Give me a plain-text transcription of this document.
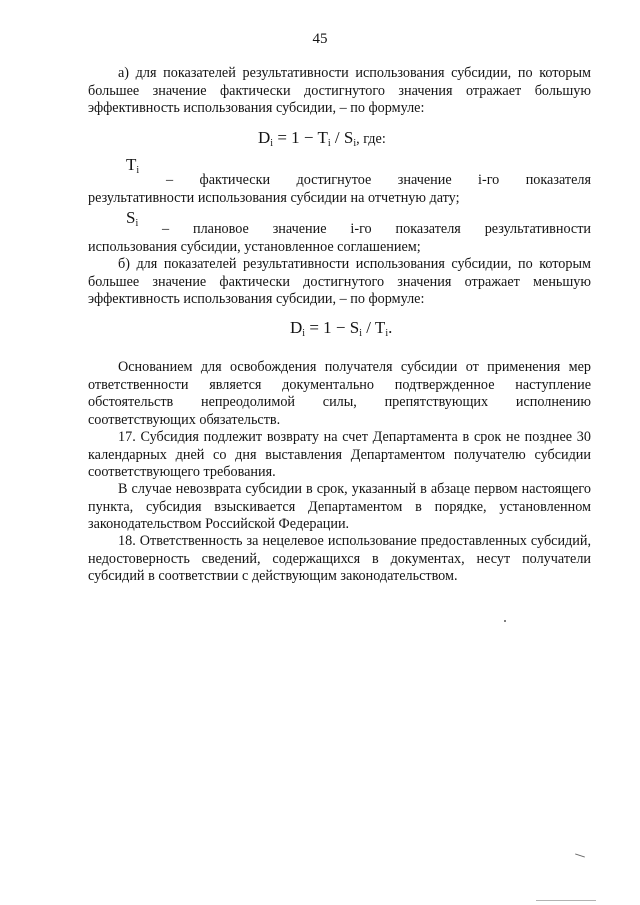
45

а) для показателей результативности использования субсидии, по которым большее значение фактически достигнутого значения отражает большую эффективность использования субсидии, – по формуле:

$D_i = 1 - T_i / S_i$, где:
$T_i$

– фактически достигнутое значение i-го показателя

результативности использования субсидии на отчетную дату;

$S_i$ – плановое значение i-го показателя результативности

использования субсидии, установленное соглашением;

б) для показателей результативности использования субсидии, по которым большее значение фактически достигнутого значения отражает меньшую эффективность использования субсидии, – по формуле:

$D_i = 1 - S_i / T_i$.

Основанием для освобождения получателя субсидии от применения мер ответственности является документально подтвержденное наступление обстоятельств непреодолимой силы, препятствующих исполнению соответствующих обязательств.

17. Субсидия подлежит возврату на счет Департамента в срок не позднее 30 календарных дней со дня выставления Департаментом получателю субсидии соответствующего требования.

В случае невозврата субсидии в срок, указанный в абзаце первом настоящего пункта, субсидия взыскивается Департаментом в порядке, установленном законодательством Российской Федерации.

18. Ответственность за нецелевое использование предоставленных субсидий, недостоверность сведений, содержащихся в документах, несут получатели субсидий в соответствии с действующим законодательством.
